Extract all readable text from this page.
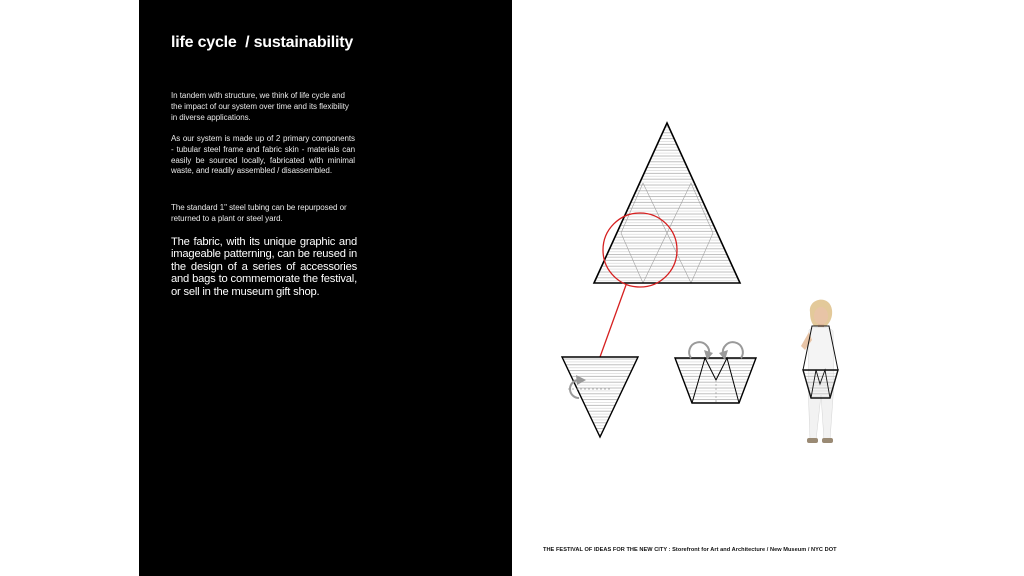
life cycle  / sustainability
In tandem with structure, we think of life cycle and the impact of our system over time and its flexibility in diverse applications.
As our system is made up of 2 primary components - tubular steel frame and fabric skin - materials can easily be sourced locally, fabricated with minimal waste, and readily assembled / disassembled.
The standard 1" steel tubing can be repurposed or returned to a plant or steel yard.
The fabric, with its unique graphic and imageable patterning, can be reused in the design of a series of accessories and bags to commemorate the festival, or sell in the museum gift shop.
THE FESTIVAL OF IDEAS FOR THE NEW CITY : Storefront for Art and Architecture / New Museum / NYC DOT
